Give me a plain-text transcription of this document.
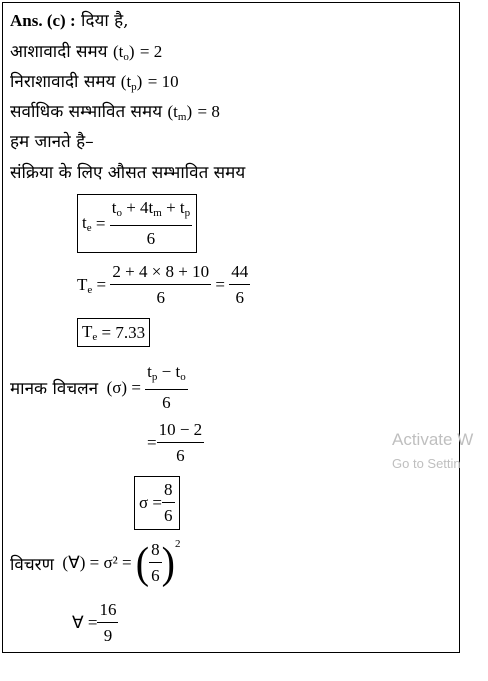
Ans. (c) : दिया है,
आशावादी समय $(t_o) = 2$
निराशावादी समय $(t_p) = 10$
सर्वाधिक सम्भावित समय $(t_m) = 8$
हम जानते है–
संक्रिया के लिए औसत सम्भावित समय
$t_e$
=
$\frac{t_o + 4t_m + t_p}{6}$
$T_e$
=
$\frac{2 + 4 \times 8 + 10}{6}$
=
$\frac{44}{6}$
$T_e$
= 7.33
मानक विचलन
(σ) =
$\frac{t_p - t_o}{6}$
= $\frac{10 - 2}{6}$
$\sigma = \frac{8}{6}$
विचरण
(∀) = σ² =
( $\frac{8}{6} )^2$
∀ = $\frac{16}{9}$
Activate W
Go to Settin
